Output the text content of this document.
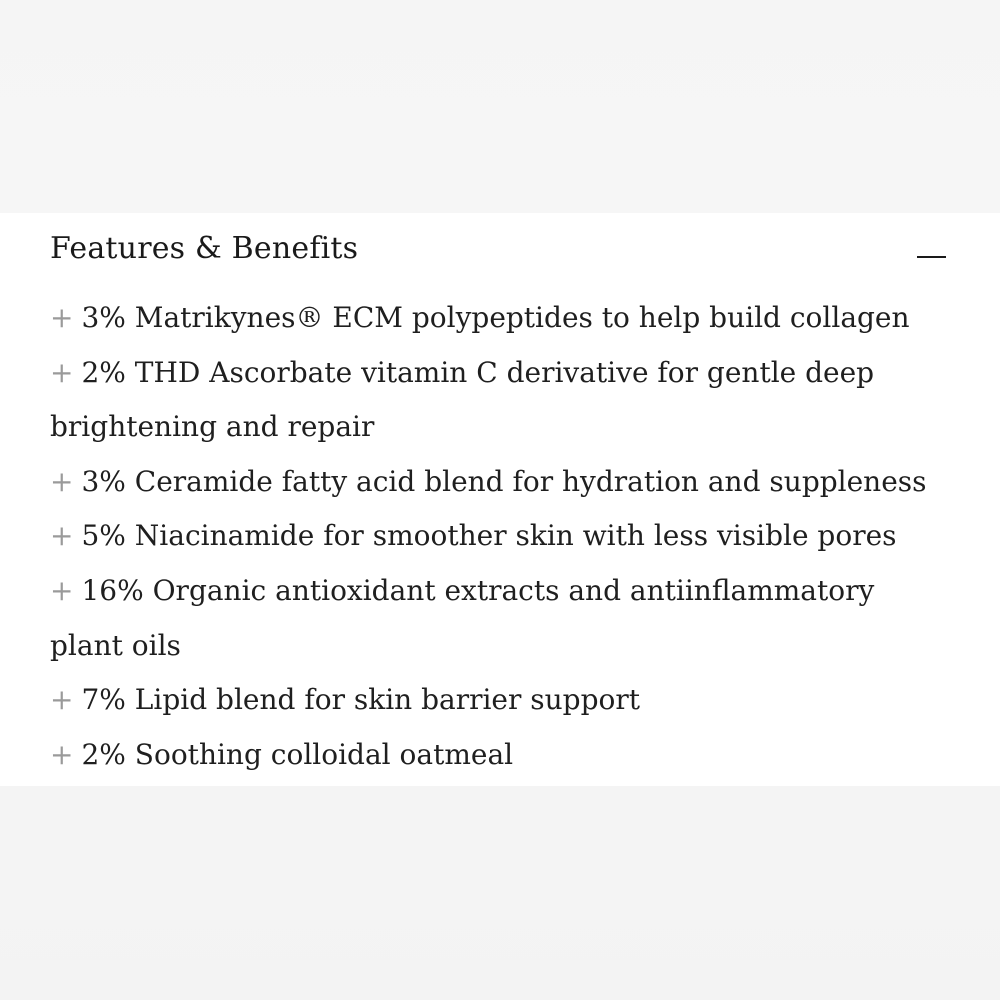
Features & Benefits
+ 3% Matrikynes® ECM polypeptides to help build collagen
+ 2% THD Ascorbate vitamin C derivative for gentle deep brightening and repair
+ 3% Ceramide fatty acid blend for hydration and suppleness
+ 5% Niacinamide for smoother skin with less visible pores
+ 16% Organic antioxidant extracts and antiinflammatory plant oils
+ 7% Lipid blend for skin barrier support
+ 2% Soothing colloidal oatmeal
